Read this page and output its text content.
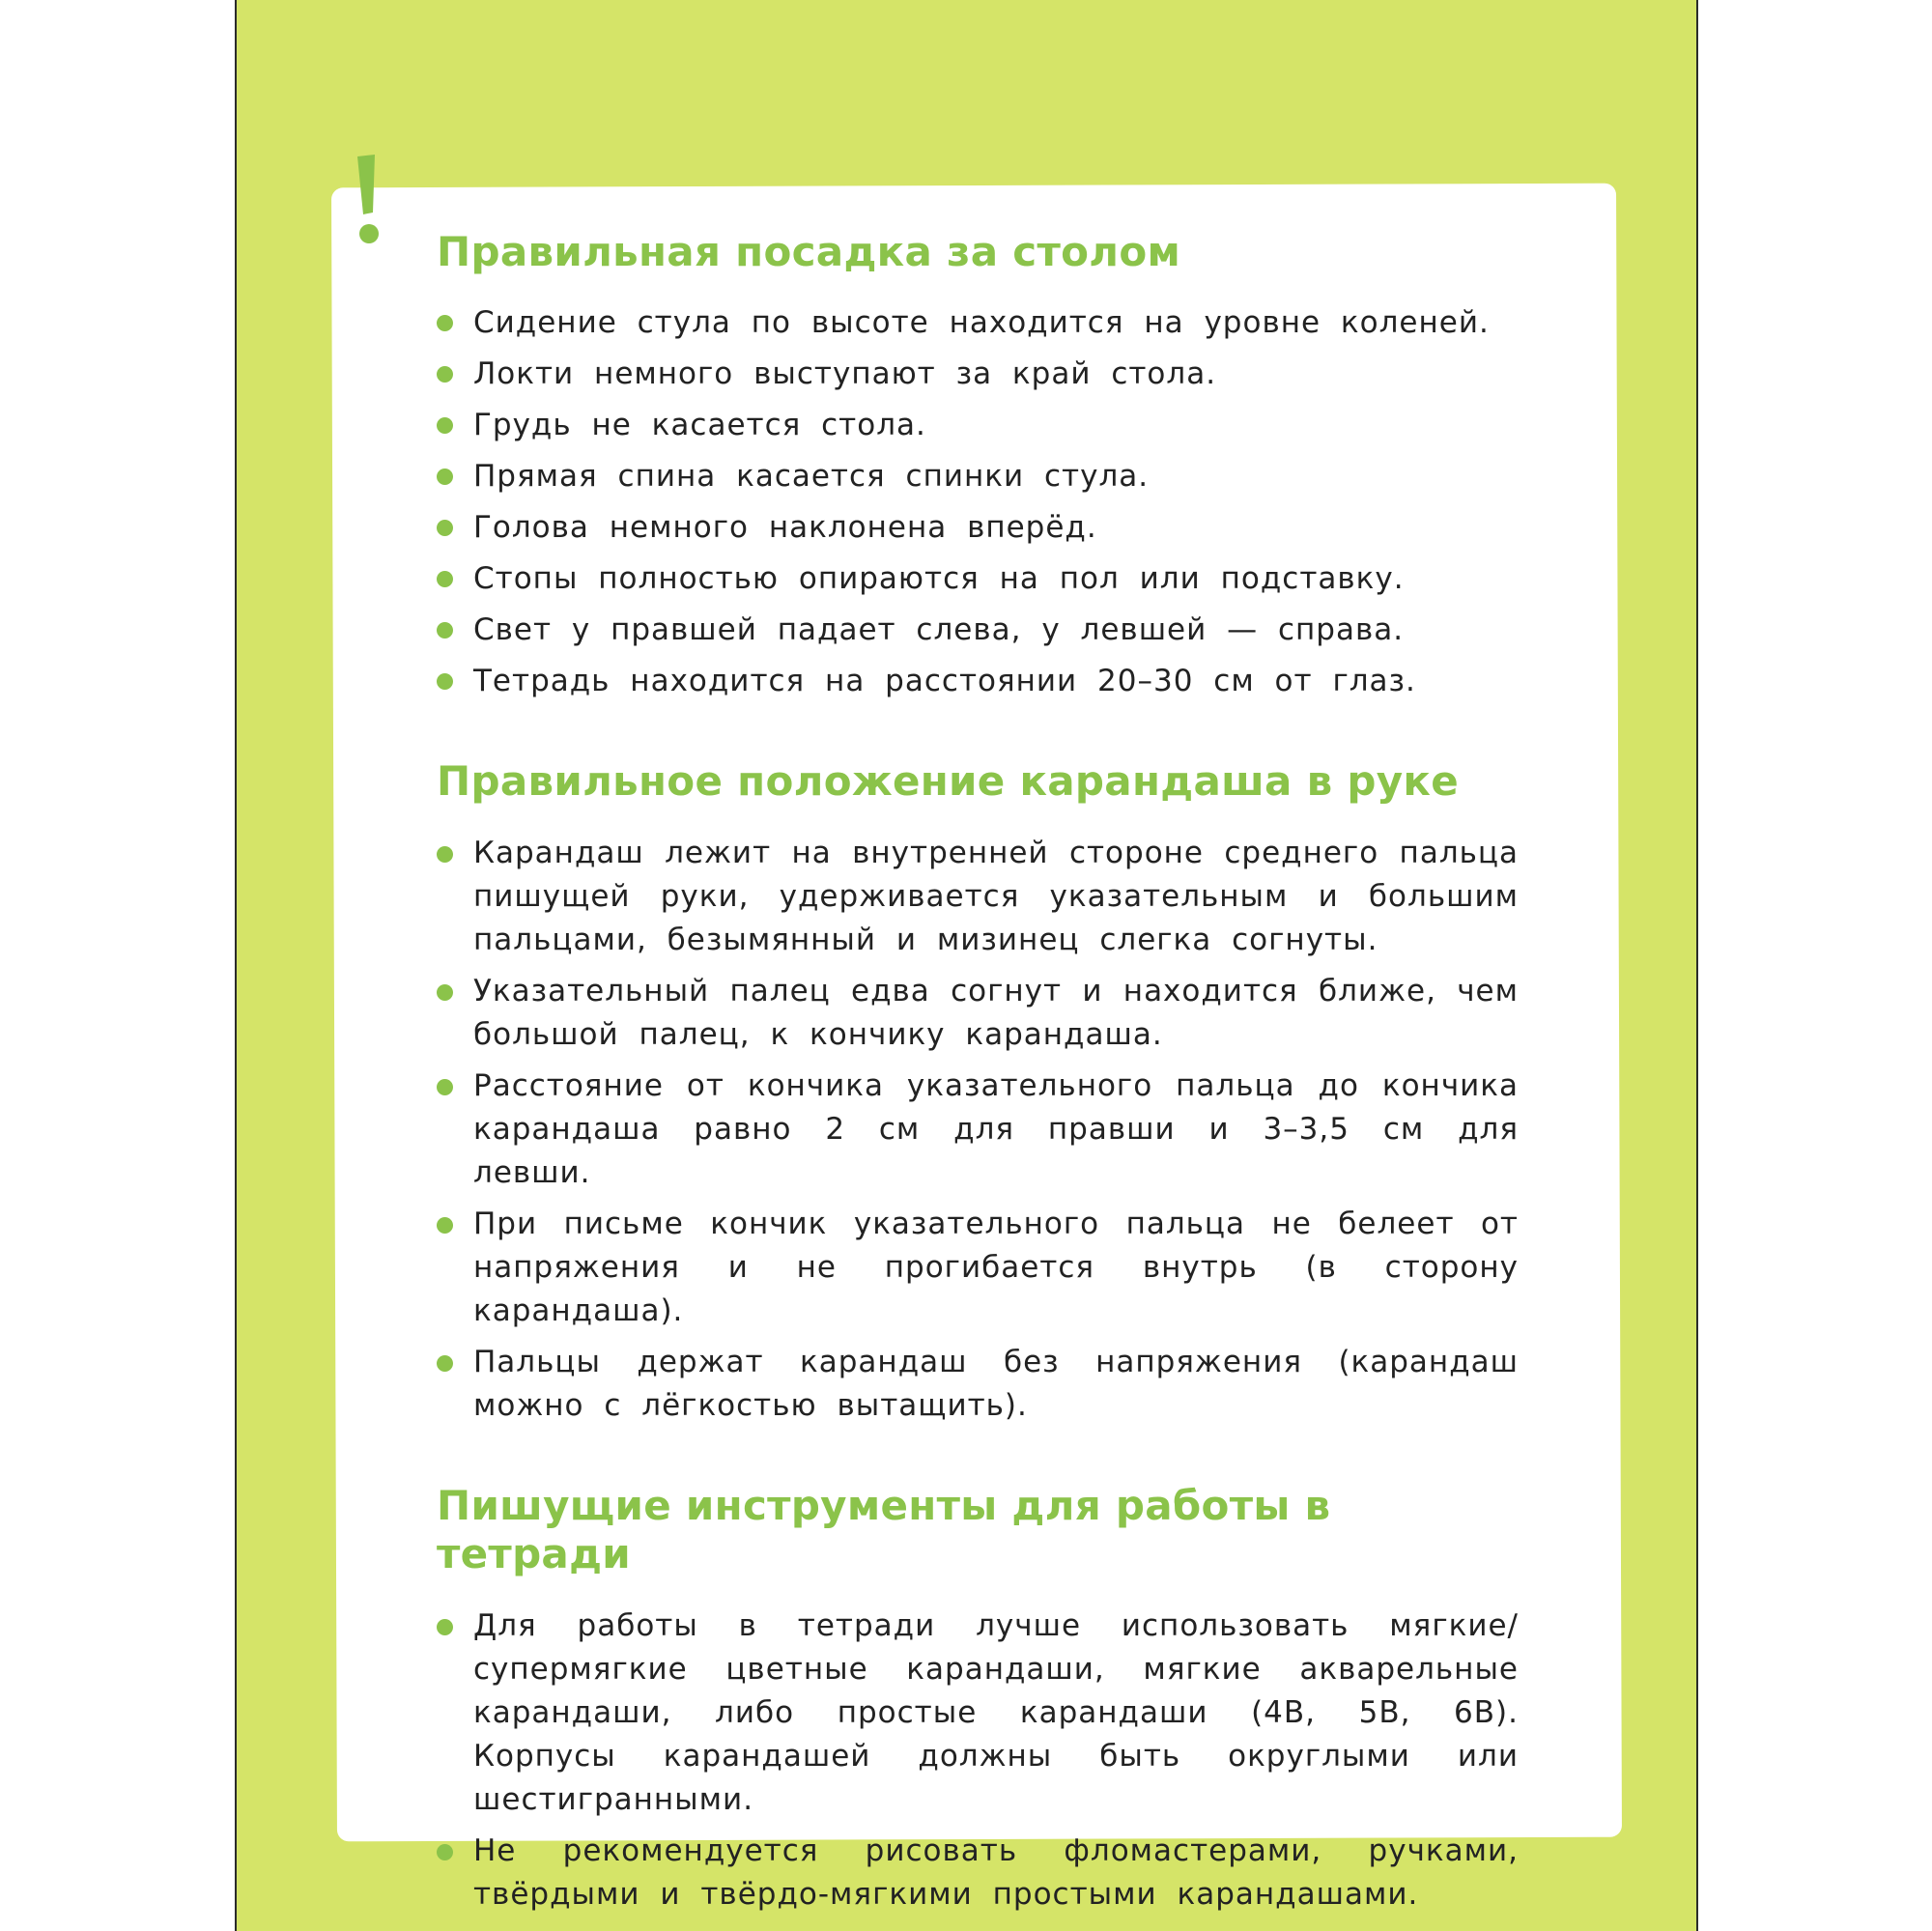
Правильная посадка за столом
Сидение стула по высоте находится на уровне коленей.
Локти немного выступают за край стола.
Грудь не касается стола.
Прямая спина касается спинки стула.
Голова немного наклонена вперёд.
Стопы полностью опираются на пол или подставку.
Свет у правшей падает слева, у левшей — справа.
Тетрадь находится на расстоянии 20–30 см от глаз.
Правильное положение карандаша в руке
Карандаш лежит на внутренней стороне среднего пальца пишущей руки, удерживается указательным и большим пальцами, безымянный и мизинец слегка согнуты.
Указательный палец едва согнут и находится ближе, чем большой палец, к кончику карандаша.
Расстояние от кончика указательного пальца до кончика карандаша равно 2 см для правши и 3–3,5 см для левши.
При письме кончик указательного пальца не белеет от напряжения и не прогибается внутрь (в сторону карандаша).
Пальцы держат карандаш без напряжения (карандаш можно с лёгкостью вытащить).
Пишущие инструменты для работы в тетради
Для работы в тетради лучше использовать мягкие/супермягкие цветные карандаши, мягкие акварельные карандаши, либо простые карандаши (4B, 5B, 6B). Корпусы карандашей должны быть округлыми или шестигранными.
Не рекомендуется рисовать фломастерами, ручками, твёрдыми и твёрдо-мягкими простыми карандашами.
